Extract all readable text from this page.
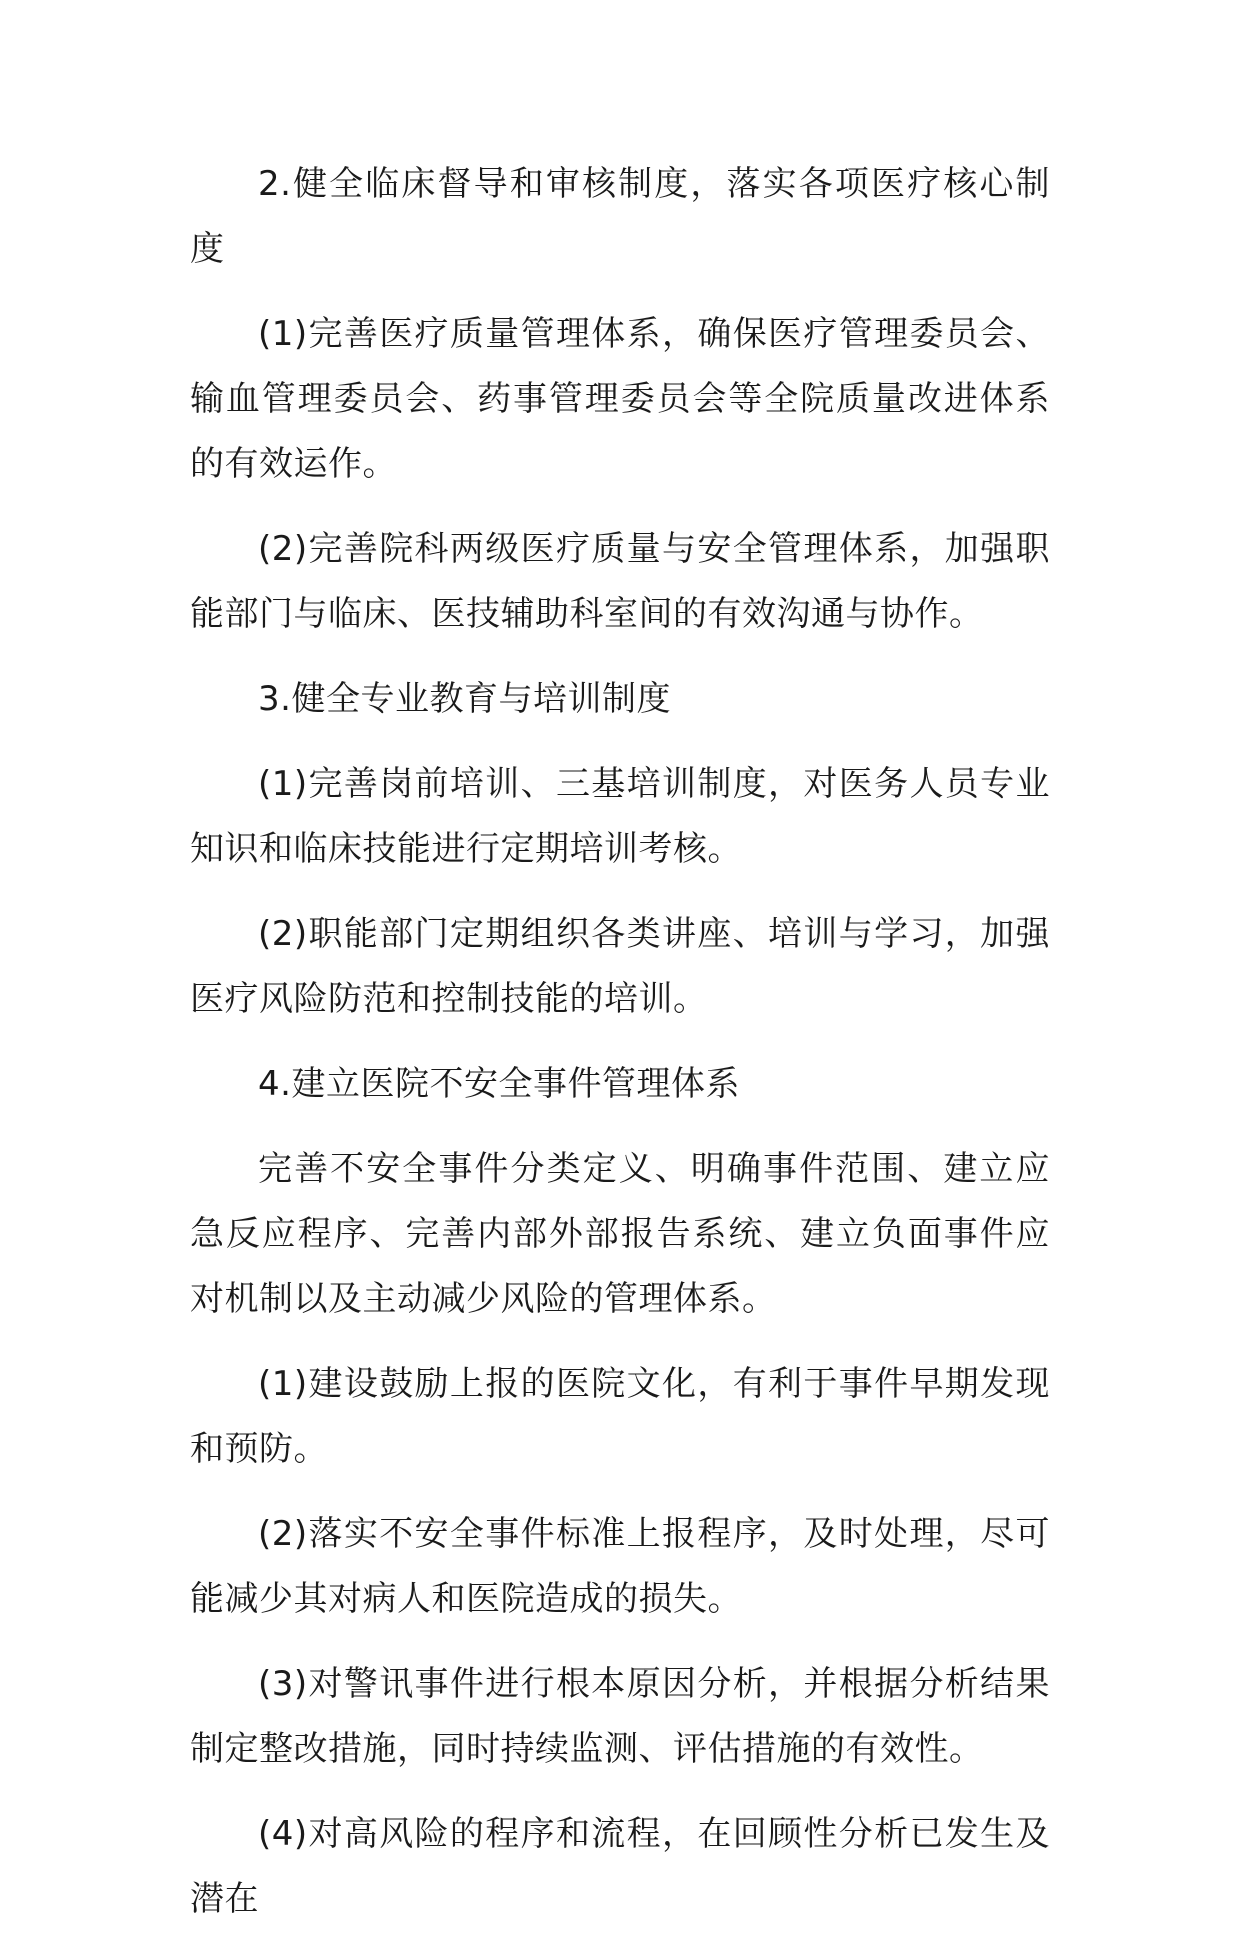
2.健全临床督导和审核制度，落实各项医疗核心制度

(1)完善医疗质量管理体系，确保医疗管理委员会、输血管理委员会、药事管理委员会等全院质量改进体系的有效运作。

(2)完善院科两级医疗质量与安全管理体系，加强职能部门与临床、医技辅助科室间的有效沟通与协作。

3.健全专业教育与培训制度

(1)完善岗前培训、三基培训制度，对医务人员专业知识和临床技能进行定期培训考核。

(2)职能部门定期组织各类讲座、培训与学习，加强医疗风险防范和控制技能的培训。

4.建立医院不安全事件管理体系

完善不安全事件分类定义、明确事件范围、建立应急反应程序、完善内部外部报告系统、建立负面事件应对机制以及主动减少风险的管理体系。

(1)建设鼓励上报的医院文化，有利于事件早期发现和预防。

(2)落实不安全事件标准上报程序，及时处理，尽可能减少其对病人和医院造成的损失。

(3)对警讯事件进行根本原因分析，并根据分析结果制定整改措施，同时持续监测、评估措施的有效性。

(4)对高风险的程序和流程，在回顾性分析已发生及潜在
